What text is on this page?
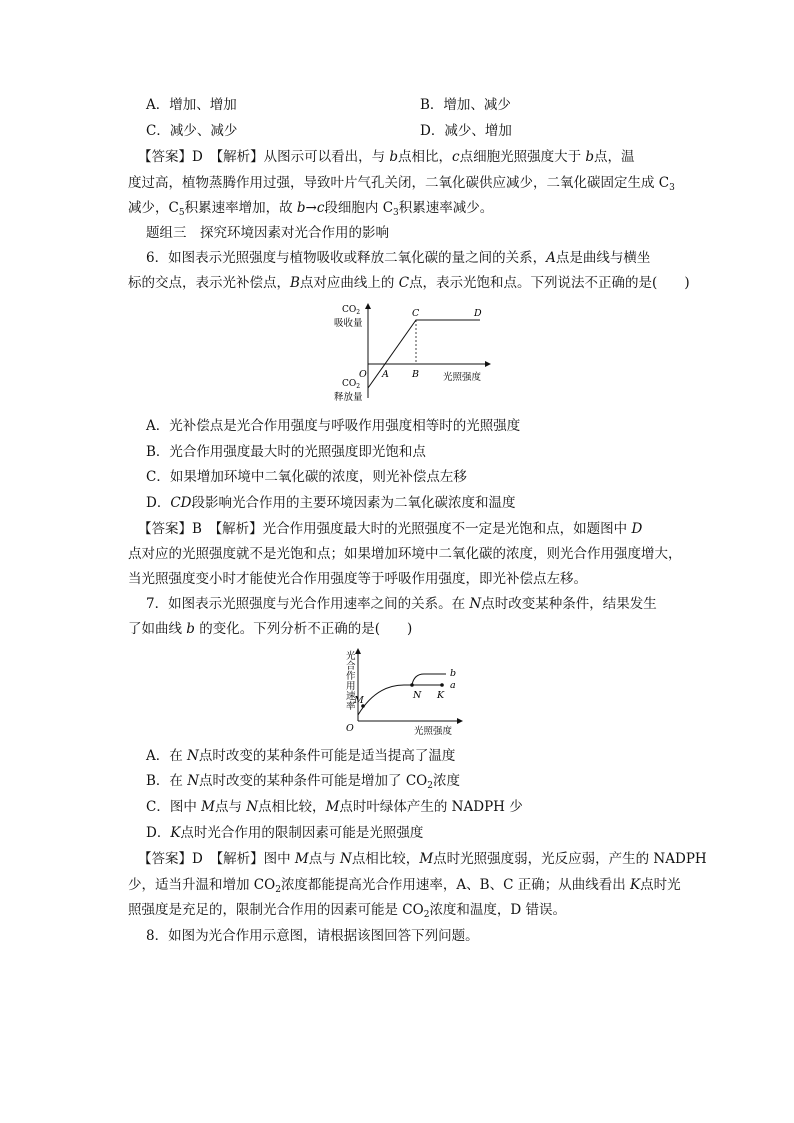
A．增加、增加	B．增加、减少
C．减少、减少	D．减少、增加
【答案】D　【解析】从图示可以看出，与 b点相比，c点细胞光照强度大于 b点，温
度过高，植物蒸腾作用过强，导致叶片气孔关闭，二氧化碳供应减少，二氧化碳固定生成 $C_3$
减少，$C_5$积累速率增加，故 b→c段细胞内 $C_3$积累速率减少。
题组三　探究环境因素对光合作用的影响
6．如图表示光照强度与植物吸收或释放二氧化碳的量之间的关系，A点是曲线与横坐
标的交点，表示光补偿点，B点对应曲线上的 C点，表示光饱和点。下列说法不正确的是(　　)
$CO_2$
吸收量
$CO_2$
释放量
光照强度
O A B
C	D
A．光补偿点是光合作用强度与呼吸作用强度相等时的光照强度
B．光合作用强度最大时的光照强度即光饱和点
C．如果增加环境中二氧化碳的浓度，则光补偿点左移
D．CD段影响光合作用的主要环境因素为二氧化碳浓度和温度
【答案】B　【解析】光合作用强度最大时的光照强度不一定是光饱和点，如题图中 D
点对应的光照强度就不是光饱和点；如果增加环境中二氧化碳的浓度，则光合作用强度增大，
当光照强度变小时才能使光合作用强度等于呼吸作用强度，即光补偿点左移。
7．如图表示光照强度与光合作用速率之间的关系。在 N点时改变某种条件，结果发生
了如曲线 b 的变化。下列分析不正确的是(　　)
光
合
作
用
速
率
光照强度
O
M	N K
b
a
A．在 N点时改变的某种条件可能是适当提高了温度
B．在 N点时改变的某种条件可能是增加了 $CO_2$浓度
C．图中 M点与 N点相比较，M点时叶绿体产生的 NADPH 少
D．K点时光合作用的限制因素可能是光照强度
【答案】D　【解析】图中 M点与 N点相比较，M点时光照强度弱，光反应弱，产生的 NADPH
少，适当升温和增加 $CO_2$浓度都能提高光合作用速率，A、B、C 正确；从曲线看出 K点时光
照强度是充足的，限制光合作用的因素可能是 $CO_2$浓度和温度，D 错误。
8．如图为光合作用示意图，请根据该图回答下列问题。
